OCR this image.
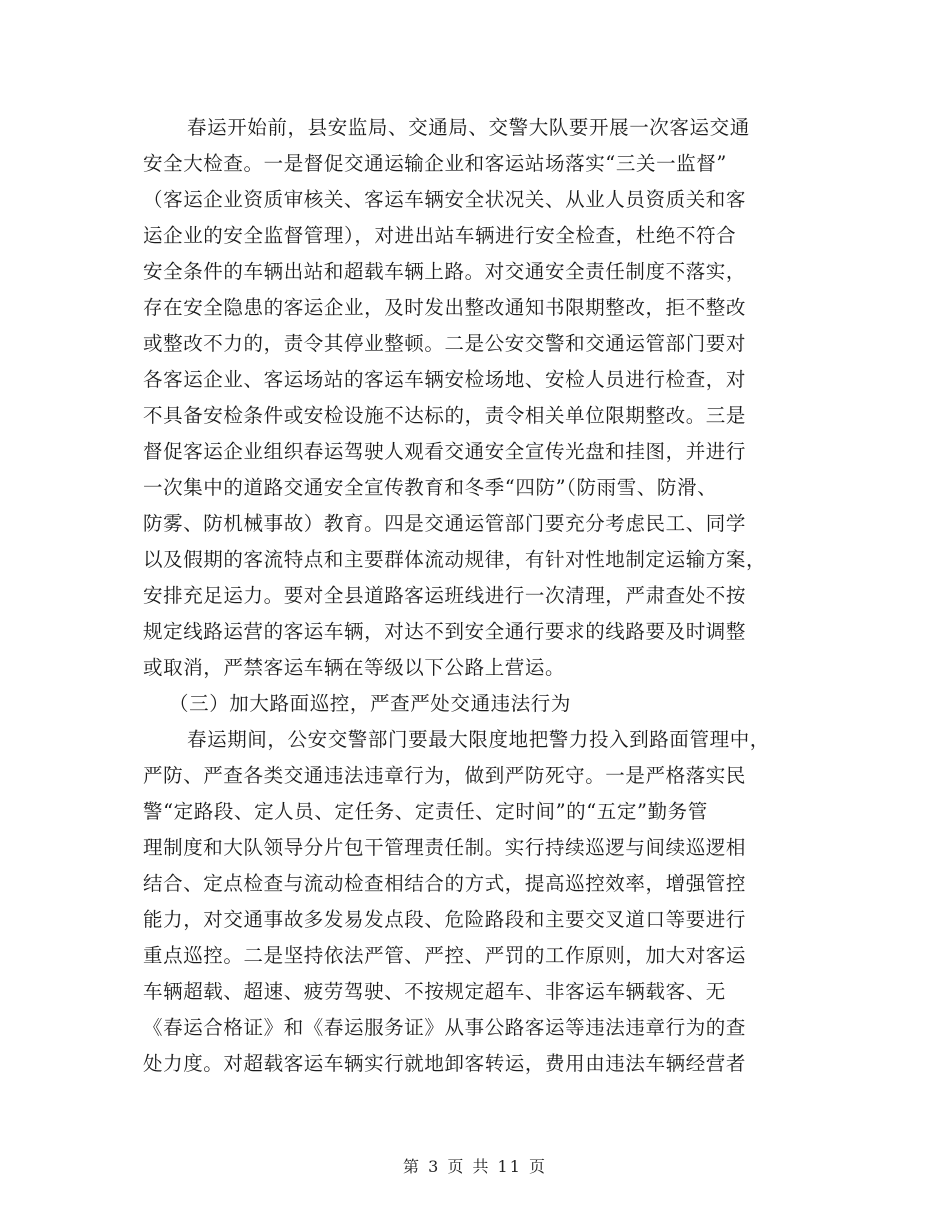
春运开始前，县安监局、交通局、交警大队要开展一次客运交通
安全大检查。一是督促交通运输企业和客运站场落实“三关一监督”
（客运企业资质审核关、客运车辆安全状况关、从业人员资质关和客
运企业的安全监督管理），对进出站车辆进行安全检查，杜绝不符合
安全条件的车辆出站和超载车辆上路。对交通安全责任制度不落实，
存在安全隐患的客运企业，及时发出整改通知书限期整改，拒不整改
或整改不力的，责令其停业整顿。二是公安交警和交通运管部门要对
各客运企业、客运场站的客运车辆安检场地、安检人员进行检查，对
不具备安检条件或安检设施不达标的，责令相关单位限期整改。三是
督促客运企业组织春运驾驶人观看交通安全宣传光盘和挂图，并进行
一次集中的道路交通安全宣传教育和冬季“四防”（防雨雪、防滑、
防雾、防机械事故）教育。四是交通运管部门要充分考虑民工、同学
以及假期的客流特点和主要群体流动规律，有针对性地制定运输方案，
安排充足运力。要对全县道路客运班线进行一次清理，严肃查处不按
规定线路运营的客运车辆，对达不到安全通行要求的线路要及时调整
或取消，严禁客运车辆在等级以下公路上营运。
（三）加大路面巡控，严查严处交通违法行为
春运期间，公安交警部门要最大限度地把警力投入到路面管理中，
严防、严查各类交通违法违章行为，做到严防死守。一是严格落实民
警“定路段、定人员、定任务、定责任、定时间”的“五定”勤务管
理制度和大队领导分片包干管理责任制。实行持续巡逻与间续巡逻相
结合、定点检查与流动检查相结合的方式，提高巡控效率，增强管控
能力，对交通事故多发易发点段、危险路段和主要交叉道口等要进行
重点巡控。二是坚持依法严管、严控、严罚的工作原则，加大对客运
车辆超载、超速、疲劳驾驶、不按规定超车、非客运车辆载客、无
《春运合格证》和《春运服务证》从事公路客运等违法违章行为的查
处力度。对超载客运车辆实行就地卸客转运，费用由违法车辆经营者
第 3 页 共 11 页
